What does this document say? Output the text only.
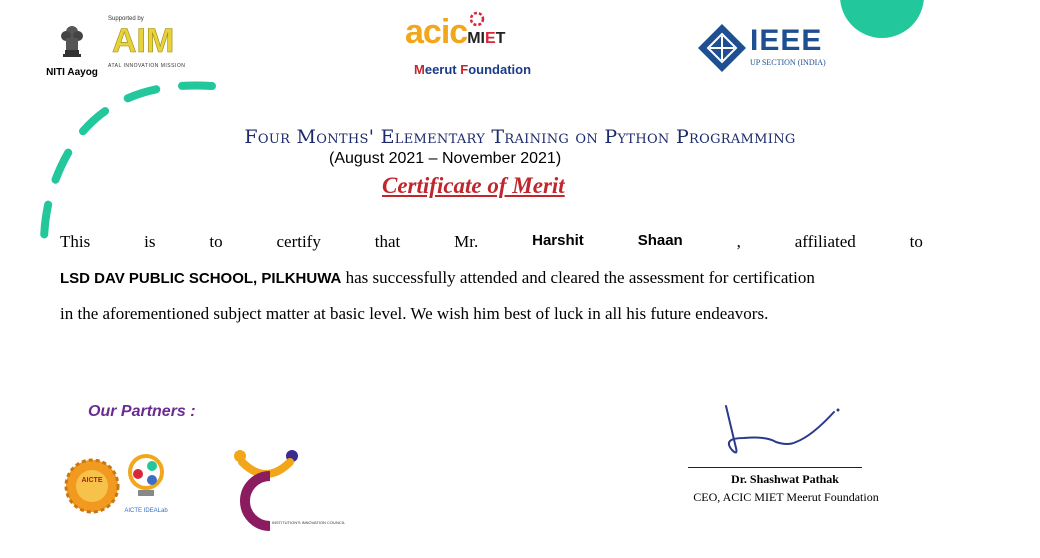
NITI Aayog
Supported by
AIM
ATAL INNOVATION MISSION
acicMIET
Meerut Foundation
IEEE
UP SECTION (INDIA)
Four Months' Elementary Training on Python Programming
(August 2021 – November 2021)
Certificate of Merit
This	is	to	certify	that	Mr.	Harshit	Shaan	,	affiliated	to
LSD DAV PUBLIC SCHOOL, PILKHUWA has successfully attended and cleared the assessment for certification
in the aforementioned subject matter at basic level. We wish him best of luck in all his future endeavors.
Our Partners :
AICTE
AICTE IDEALab
INSTITUTION'S INNOVATION COUNCIL
Dr. Shashwat Pathak
CEO, ACIC MIET Meerut Foundation
